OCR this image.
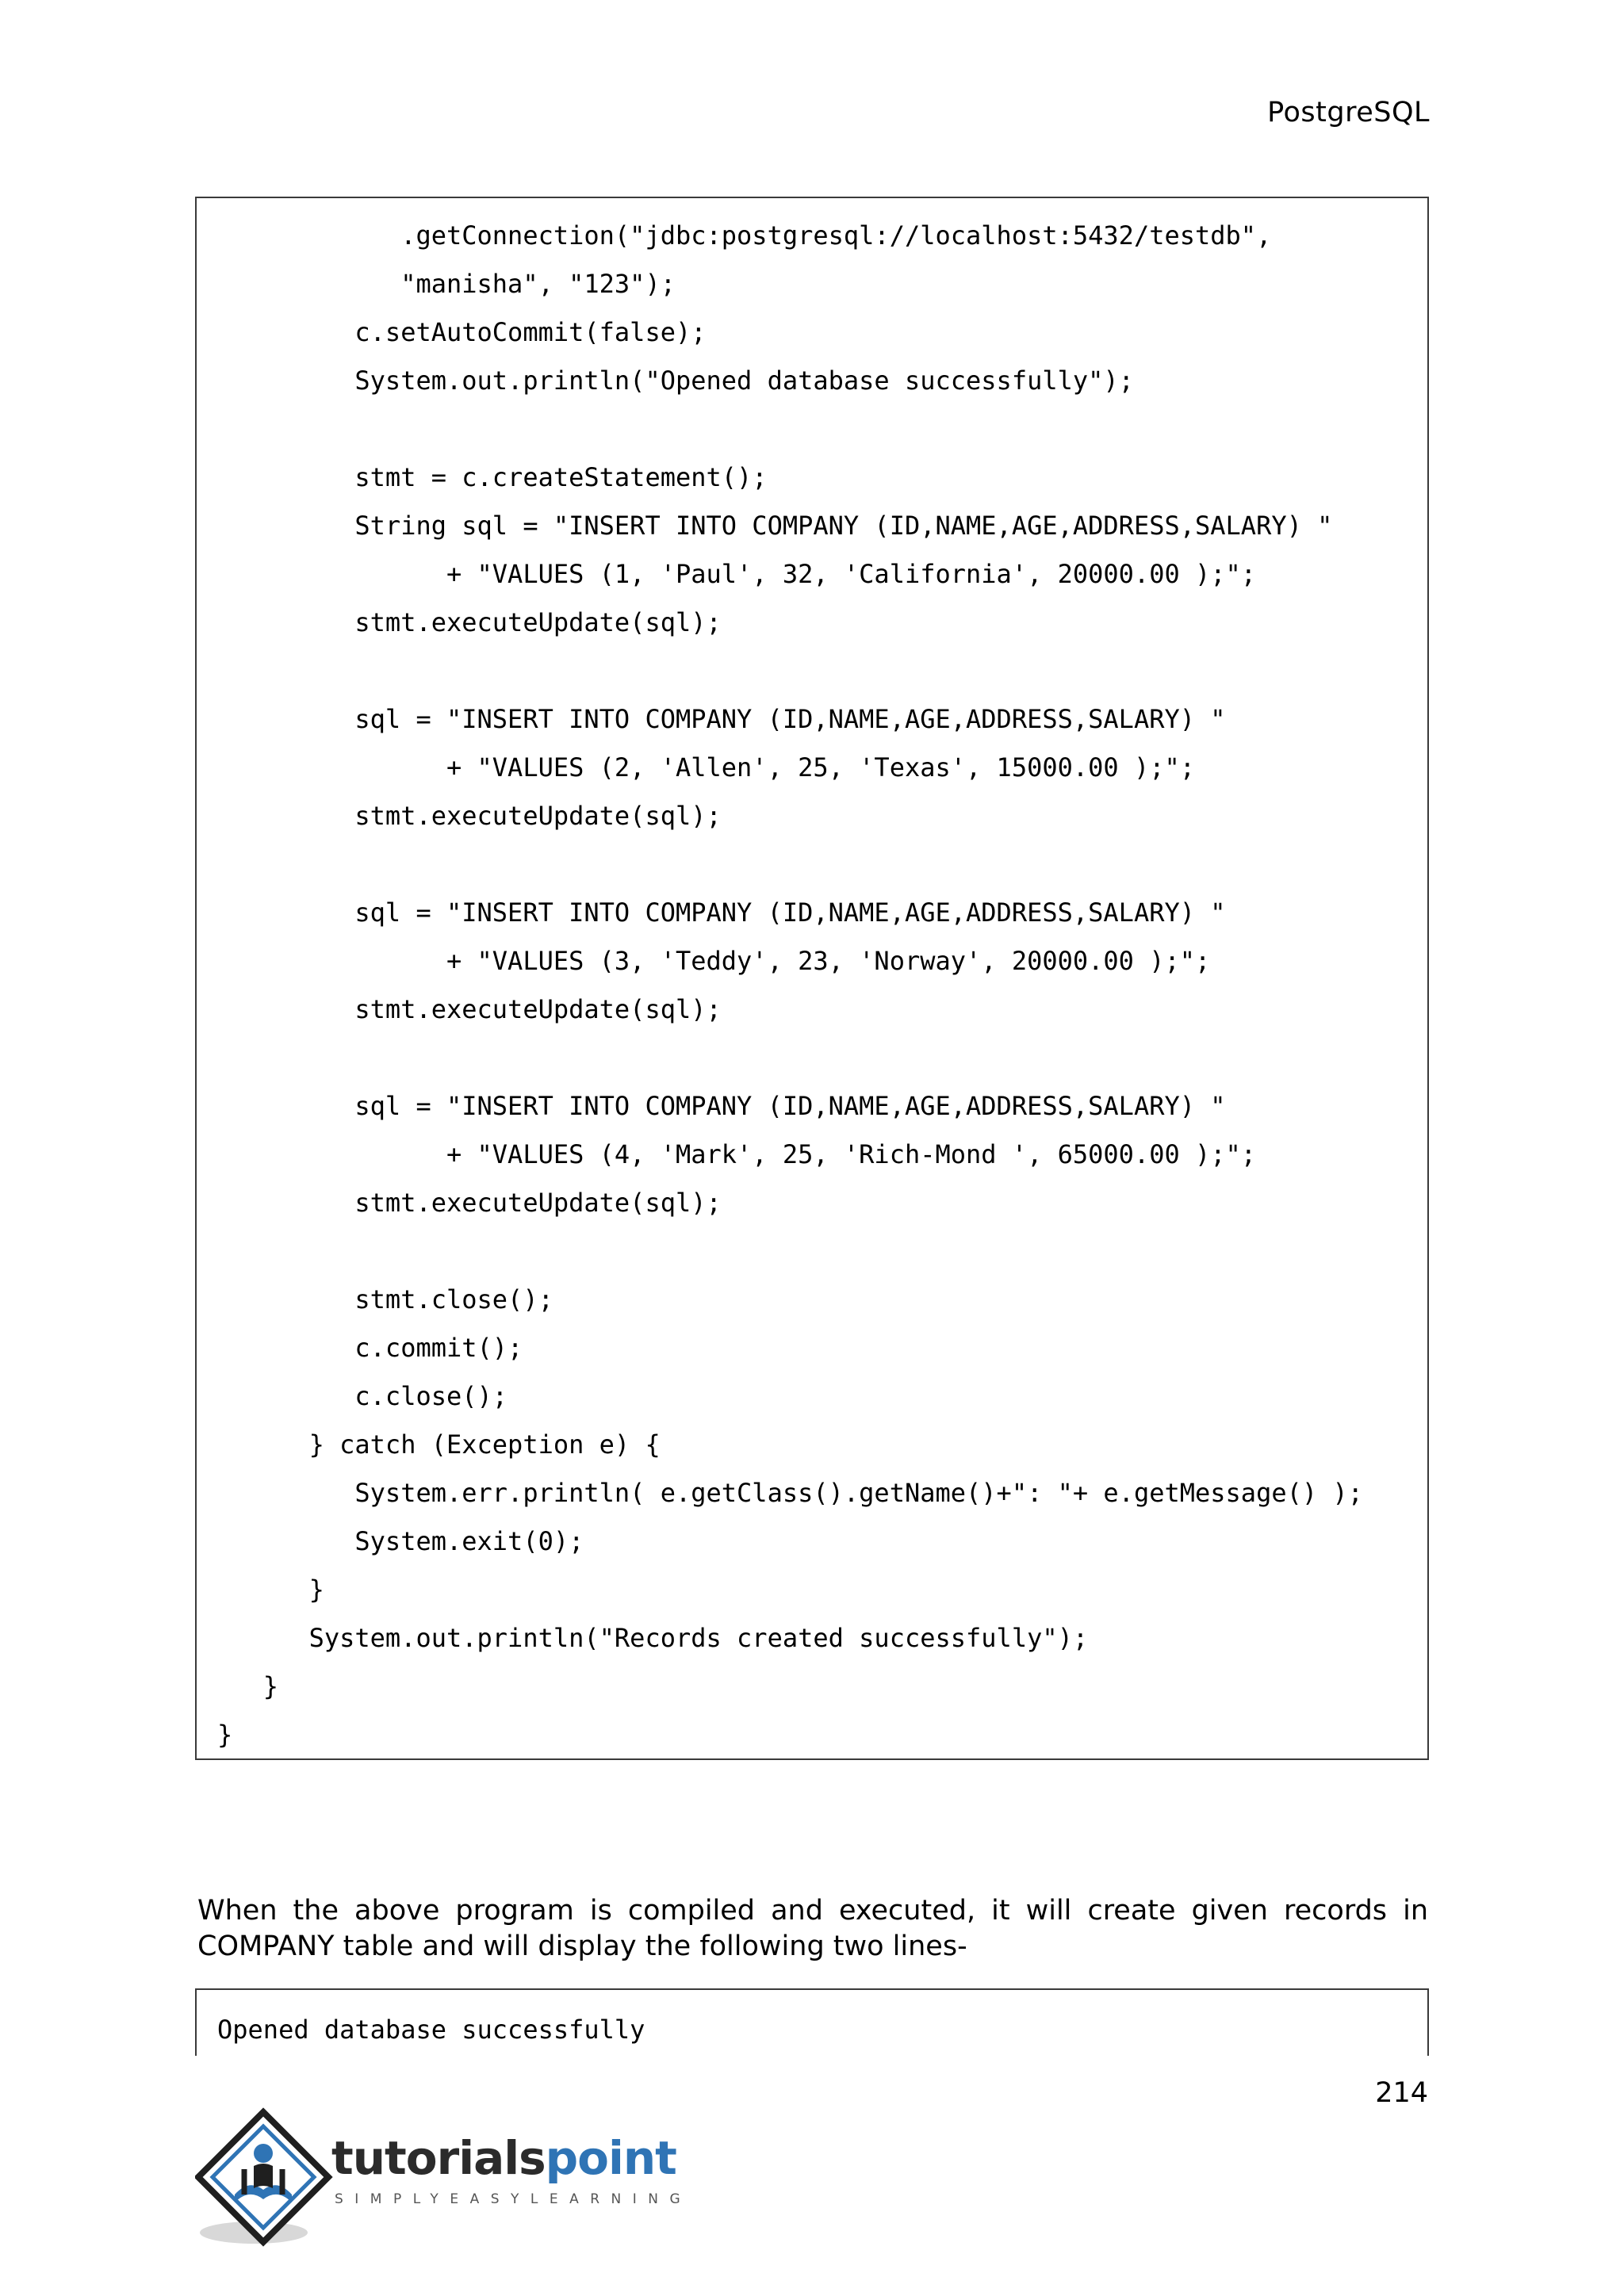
PostgreSQL
.getConnection("jdbc:postgresql://localhost:5432/testdb",
"manisha", "123");
c.setAutoCommit(false);
System.out.println("Opened database successfully");
stmt = c.createStatement();
String sql = "INSERT INTO COMPANY (ID,NAME,AGE,ADDRESS,SALARY) "
+ "VALUES (1, 'Paul', 32, 'California', 20000.00 );";
stmt.executeUpdate(sql);
sql = "INSERT INTO COMPANY (ID,NAME,AGE,ADDRESS,SALARY) "
+ "VALUES (2, 'Allen', 25, 'Texas', 15000.00 );";
stmt.executeUpdate(sql);
sql = "INSERT INTO COMPANY (ID,NAME,AGE,ADDRESS,SALARY) "
+ "VALUES (3, 'Teddy', 23, 'Norway', 20000.00 );";
stmt.executeUpdate(sql);
sql = "INSERT INTO COMPANY (ID,NAME,AGE,ADDRESS,SALARY) "
+ "VALUES (4, 'Mark', 25, 'Rich-Mond ', 65000.00 );";
stmt.executeUpdate(sql);
stmt.close();
c.commit();
c.close();
} catch (Exception e) {
System.err.println( e.getClass().getName()+": "+ e.getMessage() );
System.exit(0);
}
System.out.println("Records created successfully");
}
}

When the above program is compiled and executed, it will create given records in COMPANY table and will display the following two lines-

Opened database successfully
214
tutorialspoint
SIMPLYEASYLEARNING
